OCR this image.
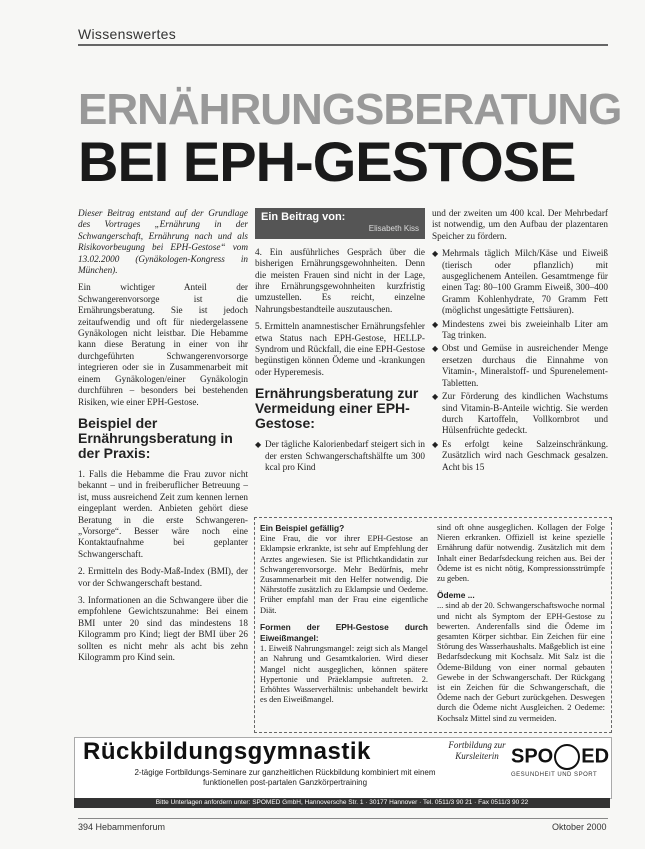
Wissenswertes
ERNÄHRUNGSBERATUNG
BEI EPH-GESTOSE

Dieser Beitrag entstand auf der Grundlage des Vortrages „Ernährung in der Schwangerschaft, Ernährung nach und als Risikovorbeugung bei EPH-Gestose“ vom 13.02.2000 (Gynäkologen-Kongress in München).

Ein wichtiger Anteil der Schwangerenvorsorge ist die Ernährungsberatung. Sie ist jedoch zeitaufwendig und oft für niedergelassene Gynäkologen nicht leistbar. Die Hebamme kann diese Beratung in einer von ihr durchgeführten Schwangerenvorsorge integrieren oder sie in Zusammenarbeit mit einem Gynäkologen/einer Gynäkologin durchführen – besonders bei bestehenden Risiken, wie einer EPH-Gestose.

Beispiel der Ernährungsberatung in der Praxis:

1. Falls die Hebamme die Frau zuvor nicht bekannt – und in freiberuflicher Betreuung – ist, muss ausreichend Zeit zum kennen lernen eingeplant werden. Anbieten gehört diese Beratung in die erste Schwangeren-„Vorsorge“. Besser wäre noch eine Kontaktaufnahme bei geplanter Schwangerschaft.

2. Ermitteln des Body-Maß-Index (BMI), der vor der Schwangerschaft bestand.

3. Informationen an die Schwangere über die empfohlene Gewichtszunahme: Bei einem BMI unter 20 sind das mindestens 18 Kilogramm pro Kind; liegt der BMI über 26 sollten es nicht mehr als acht bis zehn Kilogramm pro Kind sein.

Ein Beitrag von:
Elisabeth Kiss

4. Ein ausführliches Gespräch über die bisherigen Ernährungsgewohnheiten. Denn die meisten Frauen sind nicht in der Lage, ihre Ernährungsgewohnheiten kurzfristig umzustellen. Es reicht, einzelne Nahrungsbestandteile auszutauschen.

5. Ermitteln anamnestischer Ernährungsfehler etwa Status nach EPH-Gestose, HELLP-Syndrom und Rückfall, die eine EPH-Gestose begünstigen können Ödeme und -krankungen oder Hyperemesis.

Ernährungsberatung zur Vermeidung einer EPH-Gestose:
◆ Der tägliche Kalorienbedarf steigert sich in der ersten Schwangerschaftshälfte um 300 kcal pro Kind

und der zweiten um 400 kcal. Der Mehrbedarf ist notwendig, um den Aufbau der plazentaren Speicher zu fördern.

◆ Mehrmals täglich Milch/Käse und Eiweiß (tierisch oder pflanzlich) mit ausgeglichenem Anteilen. Gesamtmenge für einen Tag: 80–100 Gramm Eiweiß, 300–400 Gramm Kohlenhydrate, 70 Gramm Fett (möglichst ungesättigte Fettsäuren).
◆ Mindestens zwei bis zweieinhalb Liter am Tag trinken.
◆ Obst und Gemüse in ausreichender Menge ersetzen durchaus die Einnahme von Vitamin-, Mineralstoff- und Spurenelement-Tabletten.
◆ Zur Förderung des kindlichen Wachstums sind Vitamin-B-Anteile wichtig. Sie werden durch Kartoffeln, Vollkornbrot und Hülsenfrüchte gedeckt.
◆ Es erfolgt keine Salzeinschränkung. Zusätzlich wird nach Geschmack gesalzen. Acht bis 15
Ein Beispiel gefällig?
Eine Frau, die vor ihrer EPH-Gestose an Eklampsie erkrankte, ist sehr auf Empfehlung der Arztes angewiesen. Sie ist Pflichtkandidatin zur Schwangerenvorsorge. Mehr Bedürfnis, mehr Zusammenarbeit mit den Helfer notwendig. Die Nährstoffe zusätzlich zu Eklampsie und Oedeme. Früher empfahl man der Frau eine eigentliche Diät.
Formen der EPH-Gestose durch Eiweißmangel:
1. Eiweiß Nahrungsmangel: zeigt sich als Mangel an Nahrung und Gesamtkalorien. Wird dieser Mangel nicht ausgeglichen, können spätere Hypertonie und Präeklampsie auftreten. 2. Erhöhtes Wasserverhältnis: unbehandelt bewirkt es den Eiweißmangel.
sind oft ohne ausgeglichen. Kollagen der Folge Nieren erkranken. Offiziell ist keine spezielle Ernährung dafür notwendig. Zusätzlich mit dem Inhalt einer Bedarfsdeckung reichen aus. Bei der Ödeme ist es nicht nötig, Kompressionsstrümpfe zu geben.
Ödeme ...
... sind ab der 20. Schwangerschaftswoche normal und nicht als Symptom der EPH-Gestose zu bewerten. Anderenfalls sind die Ödeme im gesamten Körper sichtbar. Ein Zeichen für eine Störung des Wasserhaushalts. Maßgeblich ist eine Bedarfsdeckung mit Kochsalz. Mit Salz ist die Ödeme-Bildung von einer normal gebauten Gewebe in der Schwangerschaft. Der Rückgang ist ein Zeichen für die Schwangerschaft, die Ödeme nach der Geburt zurückgehen. Deswegen durch die Ödeme nicht Ausgleichen. 2 Oedeme: Kochsalz Mittel sind zu vermeiden.
Rückbildungsgymnastik
2-tägige Fortbildungs-Seminare zur ganzheitlichen Rückbildung kombiniert mit einem funktionellen post-partalen Ganzkörpertraining
Fortbildung zur Kursleiterin SPO ED
GESUNDHEIT UND SPORT
Bitte Unterlagen anfordern unter: SPOMED GmbH, Hannoversche Str. 1 · 30177 Hannover · Tel. 0511/3 90 21 · Fax 0511/3 90 22
394 Hebammenforum	Oktober 2000
